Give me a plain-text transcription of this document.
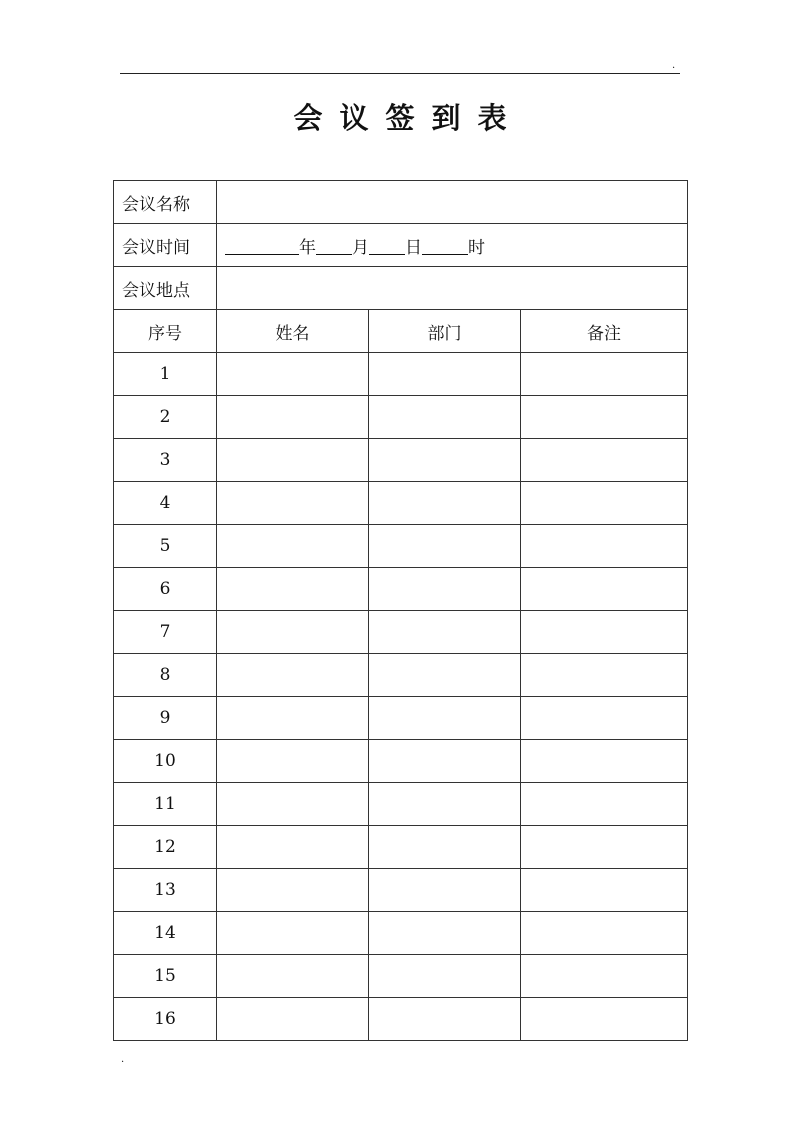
.
会议签到表
会议名称			
会议时间	年 月 日 时		
会议地点			
序号	姓名	部门	备注
1			
2			
3			
4			
5			
6			
7			
8			
9			
10			
11			
12			
13			
14			
15			
16			
.
